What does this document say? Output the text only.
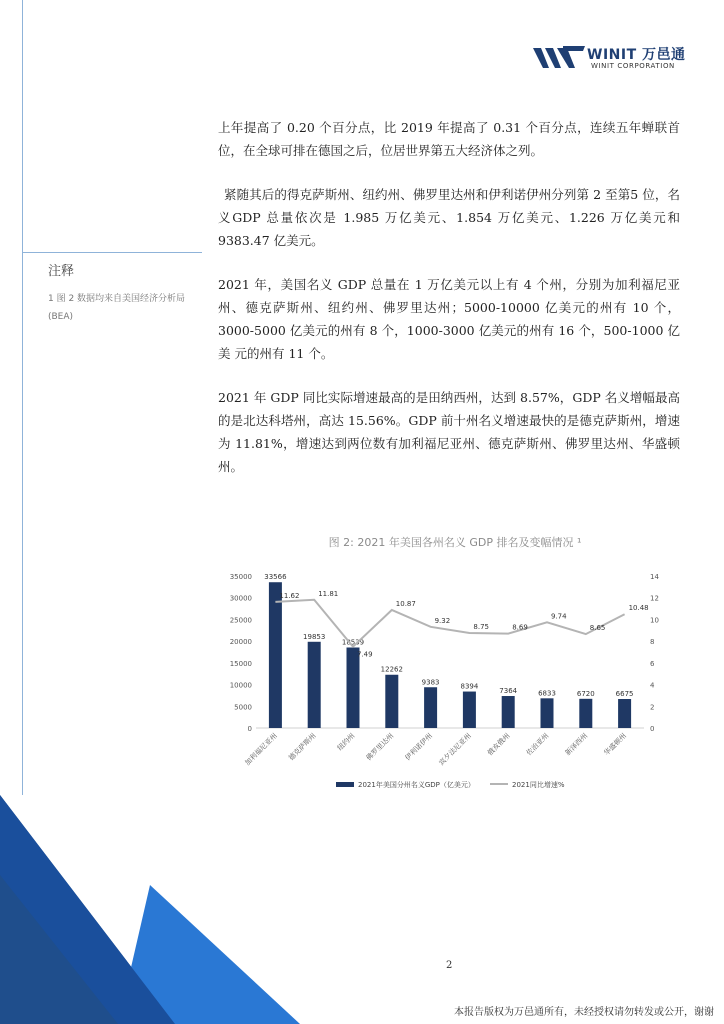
WINIT 万邑通
WINIT CORPORATION
注释
1 图 2 数据均来自美国经济分析局(BEA)

上年提高了 0.20 个百分点，比 2019 年提高了 0.31 个百分点，连续五年蝉联首位，在全球可排在德国之后，位居世界第五大经济体之列。

紧随其后的得克萨斯州、纽约州、佛罗里达州和伊利诺伊州分列第 2 至第5 位，名义GDP 总量依次是 1.985 万亿美元、1.854 万亿美元、1.226 万亿美元和 9383.47 亿美元。

2021 年，美国名义 GDP 总量在 1 万亿美元以上有 4 个州，分别为加利福尼亚州、德克萨斯州、纽约州、佛罗里达州；5000-10000 亿美元的州有 10 个，3000-5000 亿美元的州有 8 个，1000-3000 亿美元的州有 16 个，500-1000 亿美 元的州有 11 个。

2021 年 GDP 同比实际增速最高的是田纳西州，达到 8.57%，GDP 名义增幅最高的是北达科塔州，高达 15.56%。GDP 前十州名义增速最快的是德克萨斯州，增速为 11.81%，增速达到两位数有加利福尼亚州、德克萨斯州、佛罗里达州、华盛顿州。

图 2: 2021 年美国各州名义 GDP 排名及变幅情况 ¹
0
5000
10000
15000
20000
25000
30000
35000
0
2
4
6
8
10
12
14
33566
19853
18539
12262
9383
8394
7364	6833	6720	6675
11.62	11.81
7.49
10.87
9.32
8.75	8.69
9.74
8.65
10.48
加利福尼亚州 德克萨斯州	纽约州 佛罗里达州 伊利诺伊州 宾夕法尼亚州 俄亥俄州 佐治亚州 新泽西州 华盛顿州
2021年美国分州名义GDP（亿美元）	2021同比增速%
2
本报告版权为万邑通所有，未经授权请勿转发或公开，谢谢
